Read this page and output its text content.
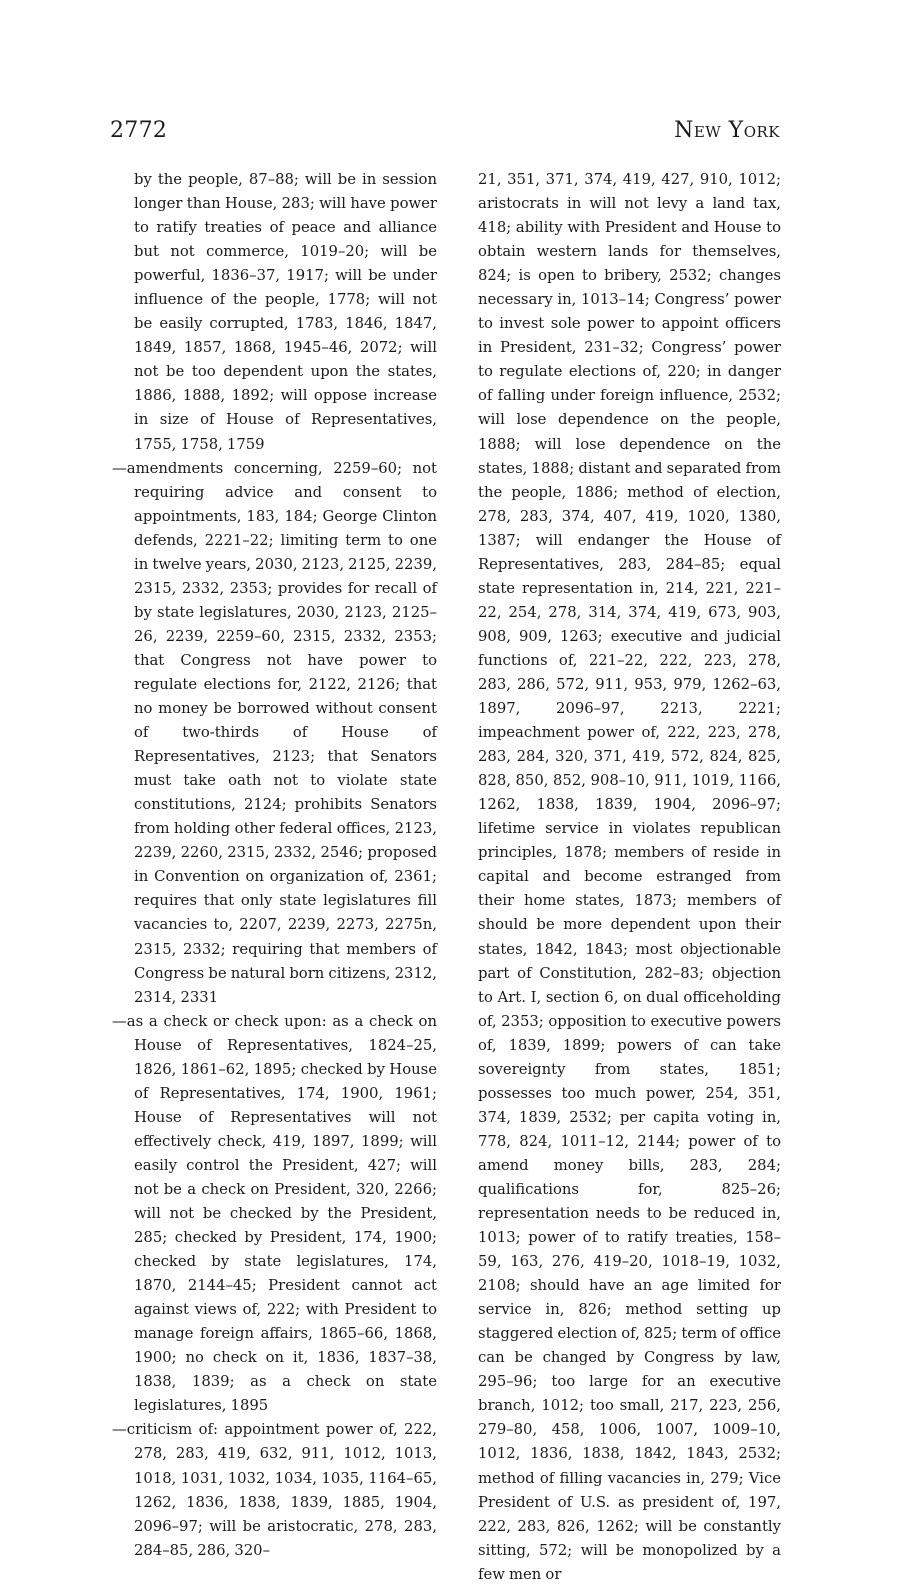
2772	New York

by the people, 87–88; will be in session longer than House, 283; will have power to ratify treaties of peace and alliance but not commerce, 1019–20; will be powerful, 1836–37, 1917; will be under influence of the people, 1778; will not be easily corrupted, 1783, 1846, 1847, 1849, 1857, 1868, 1945–46, 2072; will not be too dependent upon the states, 1886, 1888, 1892; will oppose increase in size of House of Representatives, 1755, 1758, 1759

—amendments concerning, 2259–60; not requiring advice and consent to appointments, 183, 184; George Clinton defends, 2221–22; limiting term to one in twelve years, 2030, 2123, 2125, 2239, 2315, 2332, 2353; provides for recall of by state legislatures, 2030, 2123, 2125–26, 2239, 2259–60, 2315, 2332, 2353; that Congress not have power to regulate elections for, 2122, 2126; that no money be borrowed without consent of two-thirds of House of Representatives, 2123; that Senators must take oath not to violate state constitutions, 2124; prohibits Senators from holding other federal offices, 2123, 2239, 2260, 2315, 2332, 2546; proposed in Convention on organization of, 2361; requires that only state legislatures fill vacancies to, 2207, 2239, 2273, 2275n, 2315, 2332; requiring that members of Congress be natural born citizens, 2312, 2314, 2331

—as a check or check upon: as a check on House of Representatives, 1824–25, 1826, 1861–62, 1895; checked by House of Representatives, 174, 1900, 1961; House of Representatives will not effectively check, 419, 1897, 1899; will easily control the President, 427; will not be a check on President, 320, 2266; will not be checked by the President, 285; checked by President, 174, 1900; checked by state legislatures, 174, 1870, 2144–45; President cannot act against views of, 222; with President to manage foreign affairs, 1865–66, 1868, 1900; no check on it, 1836, 1837–38, 1838, 1839; as a check on state legislatures, 1895

—criticism of: appointment power of, 222, 278, 283, 419, 632, 911, 1012, 1013, 1018, 1031, 1032, 1034, 1035, 1164–65, 1262, 1836, 1838, 1839, 1885, 1904, 2096–97; will be aristocratic, 278, 283, 284–85, 286, 320–

21, 351, 371, 374, 419, 427, 910, 1012; aristocrats in will not levy a land tax, 418; ability with President and House to obtain western lands for themselves, 824; is open to bribery, 2532; changes necessary in, 1013–14; Congress’ power to invest sole power to appoint officers in President, 231–32; Congress’ power to regulate elections of, 220; in danger of falling under foreign influence, 2532; will lose dependence on the people, 1888; will lose dependence on the states, 1888; distant and separated from the people, 1886; method of election, 278, 283, 374, 407, 419, 1020, 1380, 1387; will endanger the House of Representatives, 283, 284–85; equal state representation in, 214, 221, 221–22, 254, 278, 314, 374, 419, 673, 903, 908, 909, 1263; executive and judicial functions of, 221–22, 222, 223, 278, 283, 286, 572, 911, 953, 979, 1262–63, 1897, 2096–97, 2213, 2221; impeachment power of, 222, 223, 278, 283, 284, 320, 371, 419, 572, 824, 825, 828, 850, 852, 908–10, 911, 1019, 1166, 1262, 1838, 1839, 1904, 2096–97; lifetime service in violates republican principles, 1878; members of reside in capital and become estranged from their home states, 1873; members of should be more dependent upon their states, 1842, 1843; most objectionable part of Constitution, 282–83; objection to Art. I, section 6, on dual officeholding of, 2353; opposition to executive powers of, 1839, 1899; powers of can take sovereignty from states, 1851; possesses too much power, 254, 351, 374, 1839, 2532; per capita voting in, 778, 824, 1011–12, 2144; power of to amend money bills, 283, 284; qualifications for, 825–26; representation needs to be reduced in, 1013; power of to ratify treaties, 158–59, 163, 276, 419–20, 1018–19, 1032, 2108; should have an age limited for service in, 826; method setting up staggered election of, 825; term of office can be changed by Congress by law, 295–96; too large for an executive branch, 1012; too small, 217, 223, 256, 279–80, 458, 1006, 1007, 1009–10, 1012, 1836, 1838, 1842, 1843, 2532; method of filling vacancies in, 279; Vice President of U.S. as president of, 197, 222, 283, 826, 1262; will be constantly sitting, 572; will be monopolized by a few men or
